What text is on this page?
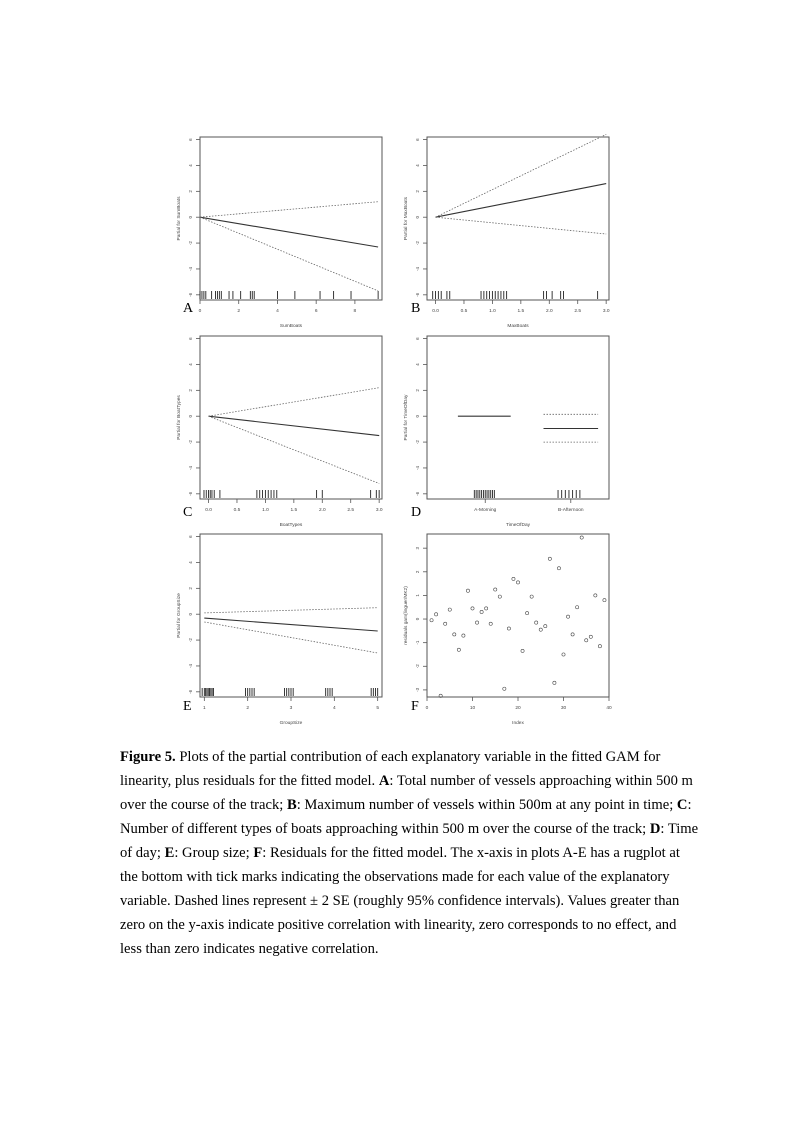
-6
-4
-2
0
2
4
6
0	2	4	6	8
SumBoats
Partial for SumBoats
A
-6
-4
-2
0
2
4
6
0.0	0.5	1.0	1.5	2.0	2.5	3.0
MaxBoats
Partial for MaxBoats
B
-6
-4
-2
0
2
4
6
0.0	0.5	1.0	1.5	2.0	2.5	3.0
BoatTypes
Partial for BoatTypes
C
-6
-4
-2
0
2
4
6
A-Morning	B-Afternoon
TimeOfDay
Partial for TimeOfDay
D
-6
-4
-2
0
2
4
6
1	2	3	4	5
GroupSize
Partial for GroupSize
E
-3
-2
-1
0
1
2
3
0	10	20	30	40
Index
residuals gam(linguer/MK2)
F
Figure 5. Plots of the partial contribution of each explanatory variable in the fitted GAM for linearity, plus residuals for the fitted model. A: Total number of vessels approaching within 500 m over the course of the track; B: Maximum number of vessels within 500m at any point in time; C: Number of different types of boats approaching within 500 m over the course of the track; D: Time of day; E: Group size; F: Residuals for the fitted model. The x-axis in plots A-E has a rugplot at the bottom with tick marks indicating the observations made for each value of the explanatory variable. Dashed lines represent ± 2 SE (roughly 95% confidence intervals). Values greater than zero on the y-axis indicate positive correlation with linearity, zero corresponds to no effect, and less than zero indicates negative correlation.
